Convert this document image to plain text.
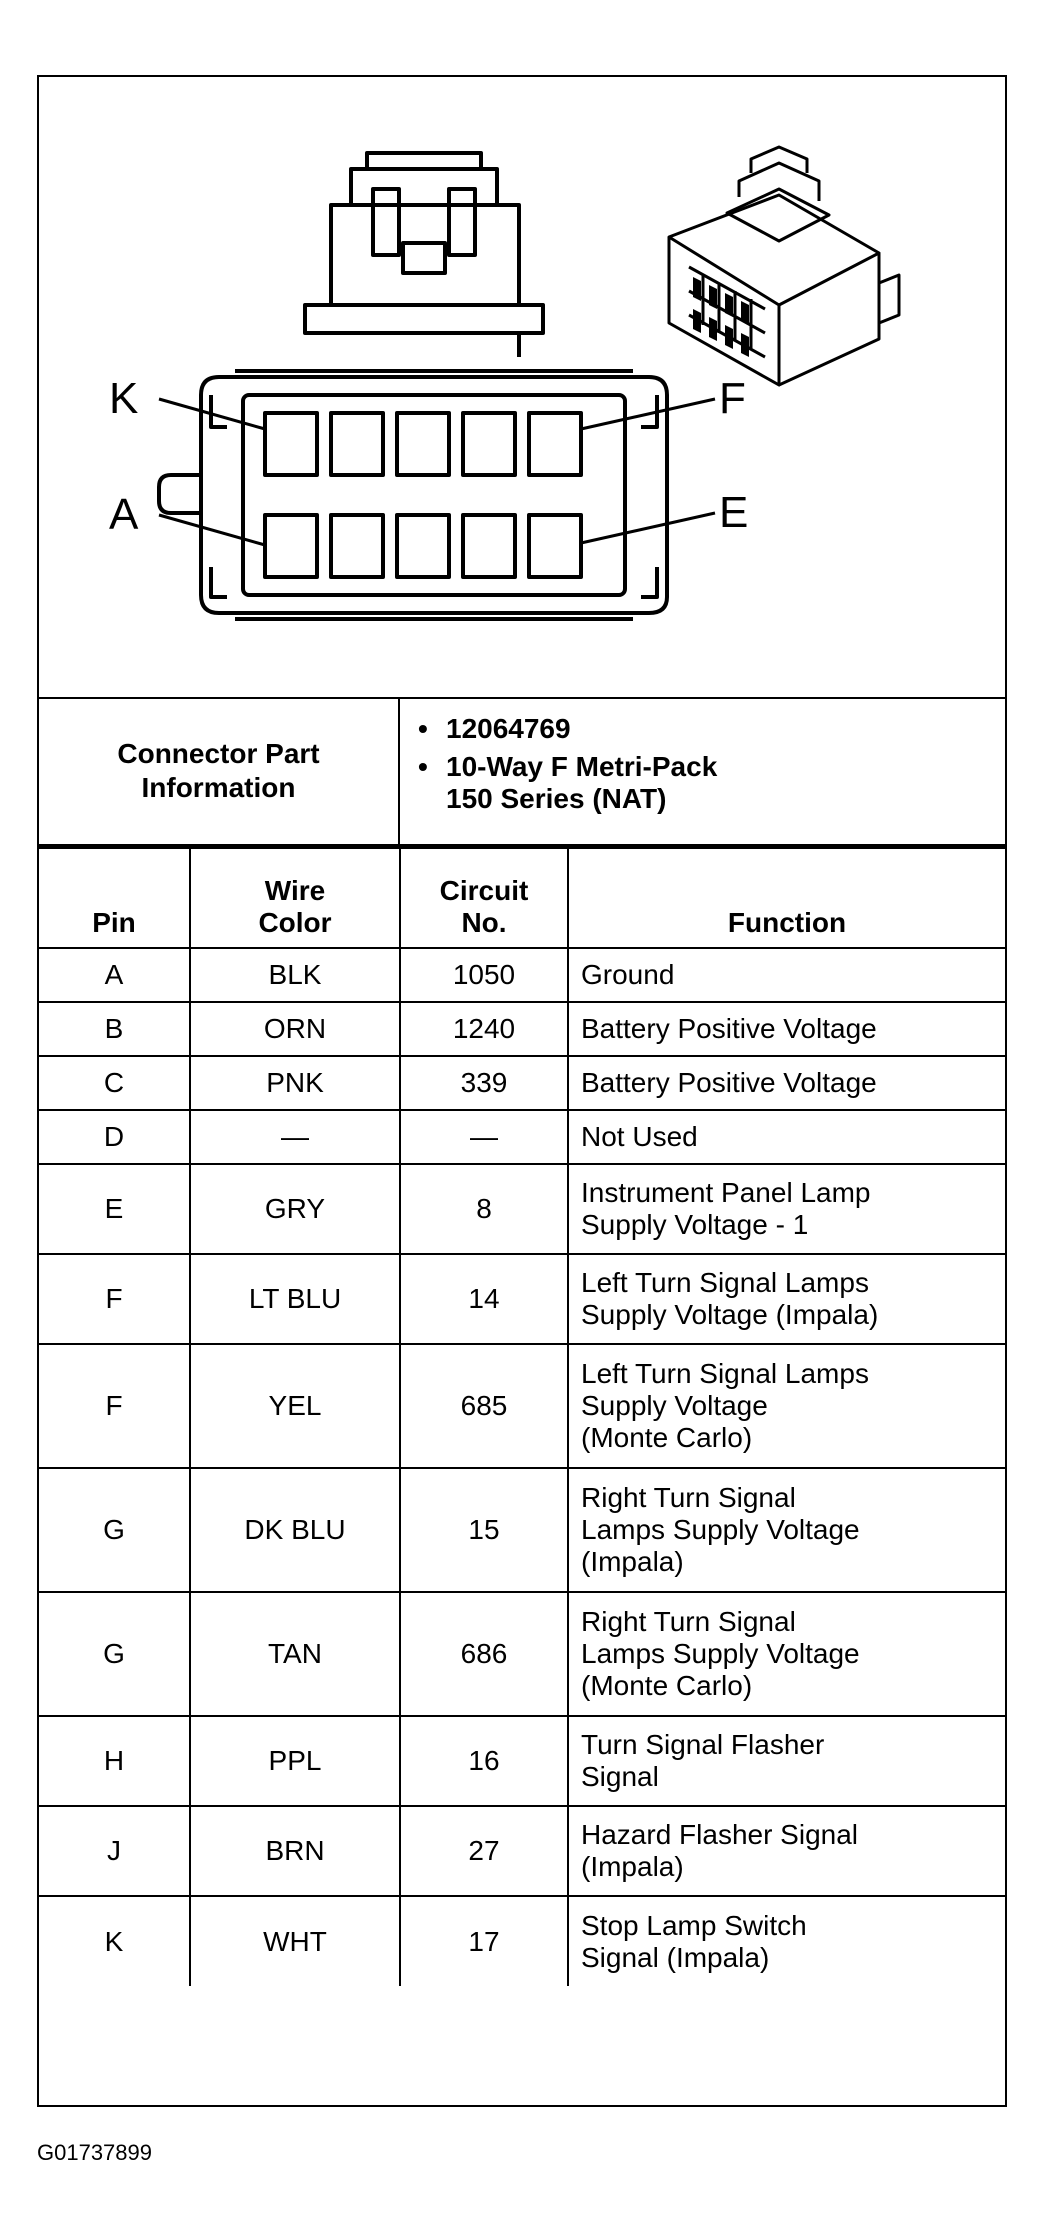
K
A
F
E
Connector Part Information
• 12064769
• 10-Way F Metri-Pack
150 Series (NAT)
Pin	Wire Color	Circuit No.	Function
A	BLK	1050	Ground
B	ORN	1240	Battery Positive Voltage
C	PNK	339	Battery Positive Voltage
D	—	—	Not Used
E	GRY	8	Instrument Panel Lamp
Supply Voltage - 1
F	LT BLU	14	Left Turn Signal Lamps
Supply Voltage (Impala)
F	YEL	685	Left Turn Signal Lamps
Supply Voltage
(Monte Carlo)
G	DK BLU	15	Right Turn Signal
Lamps Supply Voltage
(Impala)
G	TAN	686	Right Turn Signal
Lamps Supply Voltage
(Monte Carlo)
H	PPL	16	Turn Signal Flasher
Signal
J	BRN	27	Hazard Flasher Signal
(Impala)
K	WHT	17	Stop Lamp Switch
Signal (Impala)
G01737899
